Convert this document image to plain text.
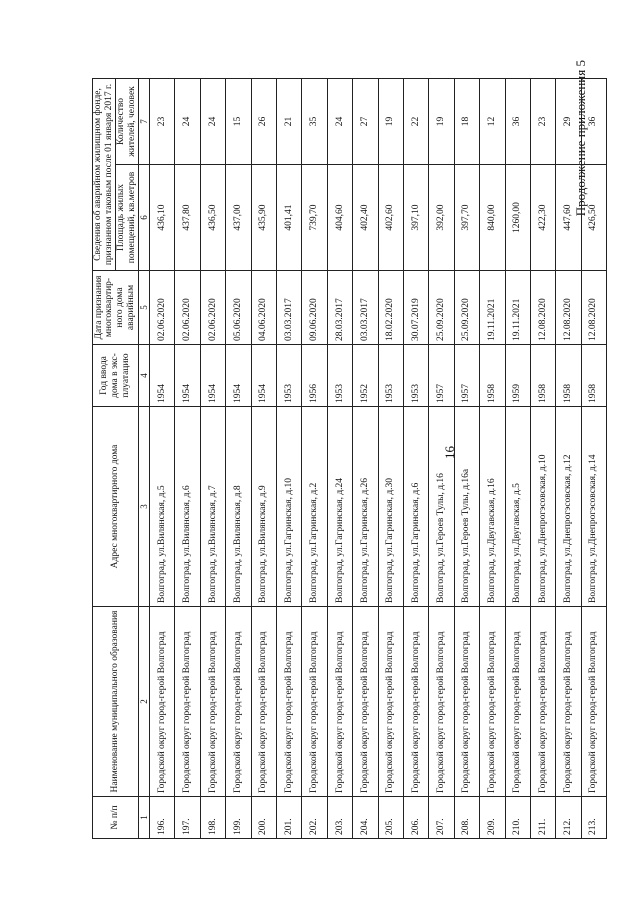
16
Продолжение приложения 5
№ п/п	Наименование муниципального образования	Адрес многоквартирного дома	Год ввода дома в экс-плуатацию	Дата признания многоквартир-ного дома аварийным	Сведения об аварийном жилищном фонде, признанном таковым после 01 января 2017 г.	
					Площадь жилых помещений, кв.метров	Количество жителей, человек
1	2	3	4	5	6	7
196.	Городской округ город-герой Волгоград	Волгоград, ул.Вилянская, д.5	1954	02.06.2020	436,10	23
197.	Городской округ город-герой Волгоград	Волгоград, ул.Вилянская, д.6	1954	02.06.2020	437,80	24
198.	Городской округ город-герой Волгоград	Волгоград, ул.Вилянская, д.7	1954	02.06.2020	436,50	24
199.	Городской округ город-герой Волгоград	Волгоград, ул.Вилянская, д.8	1954	05.06.2020	437,00	15
200.	Городской округ город-герой Волгоград	Волгоград, ул.Вилянская, д.9	1954	04.06.2020	435,90	26
201.	Городской округ город-герой Волгоград	Волгоград, ул.Гагринская, д.10	1953	03.03.2017	401,41	21
202.	Городской округ город-герой Волгоград	Волгоград, ул.Гагринская, д.2	1956	09.06.2020	739,70	35
203.	Городской округ город-герой Волгоград	Волгоград, ул.Гагринская, д.24	1953	28.03.2017	404,60	24
204.	Городской округ город-герой Волгоград	Волгоград, ул.Гагринская, д.26	1952	03.03.2017	402,40	27
205.	Городской округ город-герой Волгоград	Волгоград, ул.Гагринская, д.30	1953	18.02.2020	402,60	19
206.	Городской округ город-герой Волгоград	Волгоград, ул.Гагринская, д.6	1953	30.07.2019	397,10	22
207.	Городской округ город-герой Волгоград	Волгоград, ул.Героев Тулы, д.16	1957	25.09.2020	392,00	19
208.	Городской округ город-герой Волгоград	Волгоград, ул.Героев Тулы, д.16а	1957	25.09.2020	397,70	18
209.	Городской округ город-герой Волгоград	Волгоград, ул.Двугавская, д.16	1958	19.11.2021	840,00	12
210.	Городской округ город-герой Волгоград	Волгоград, ул.Двугавская, д.5	1959	19.11.2021	1260,00	36
211.	Городской округ город-герой Волгоград	Волгоград, ул.Днепрогэсовская, д.10	1958	12.08.2020	422,30	23
212.	Городской округ город-герой Волгоград	Волгоград, ул.Днепрогэсовская, д.12	1958	12.08.2020	447,60	29
213.	Городской округ город-герой Волгоград	Волгоград, ул.Днепрогэсовская, д.14	1958	12.08.2020	426,50	36
